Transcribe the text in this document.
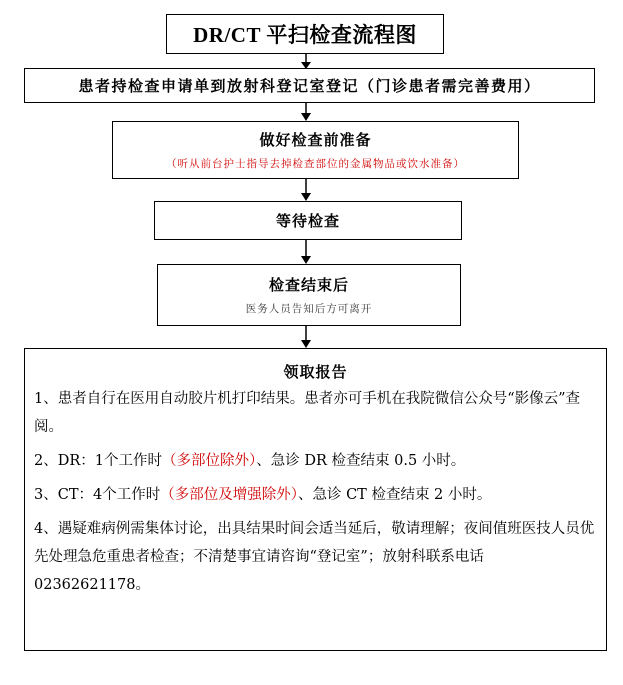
DR/CT 平扫检查流程图
患者持检查申请单到放射科登记室登记（门诊患者需完善费用）
做好检查前准备
（听从前台护士指导去掉检查部位的金属物品或饮水准备）
等待检查
检查结束后
医务人员告知后方可离开
领取报告

1、患者自行在医用自动胶片机打印结果。患者亦可手机在我院微信公众号“影像云”查阅。

2、DR：1个工作时（多部位除外）、急诊 DR 检查结束 0.5 小时。

3、CT：4个工作时（多部位及增强除外）、急诊 CT 检查结束 2 小时。

4、遇疑难病例需集体讨论，出具结果时间会适当延后，敬请理解；夜间值班医技人员优先处理急危重患者检查；不清楚事宜请咨询“登记室”；放射科联系电话 02362621178。
